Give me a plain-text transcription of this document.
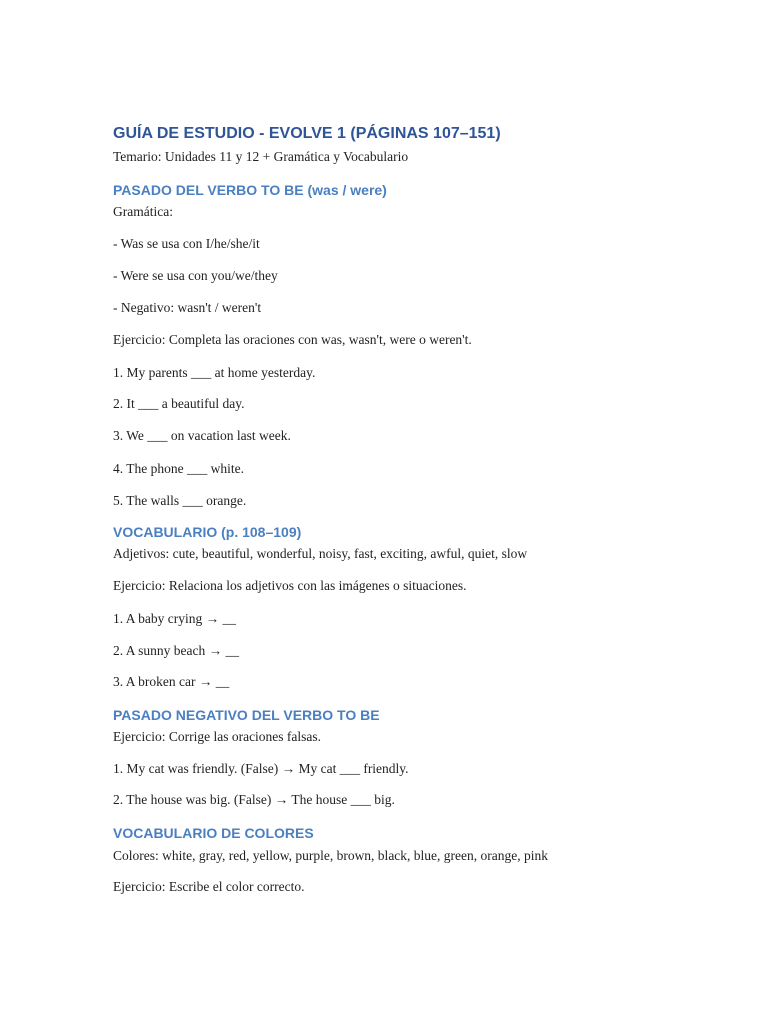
GUÍA DE ESTUDIO - EVOLVE 1 (PÁGINAS 107–151)

Temario: Unidades 11 y 12 + Gramática y Vocabulario

PASADO DEL VERBO TO BE (was / were)

Gramática:

- Was se usa con I/he/she/it

- Were se usa con you/we/they

- Negativo: wasn't / weren't

Ejercicio: Completa las oraciones con was, wasn't, were o weren't.

1. My parents ___ at home yesterday.

2. It ___ a beautiful day.

3. We ___ on vacation last week.

4. The phone ___ white.

5. The walls ___ orange.

VOCABULARIO (p. 108–109)

Adjetivos: cute, beautiful, wonderful, noisy, fast, exciting, awful, quiet, slow

Ejercicio: Relaciona los adjetivos con las imágenes o situaciones.

1. A baby crying → __

2. A sunny beach → __

3. A broken car → __

PASADO NEGATIVO DEL VERBO TO BE

Ejercicio: Corrige las oraciones falsas.

1. My cat was friendly. (False) → My cat ___ friendly.

2. The house was big. (False) → The house ___ big.

VOCABULARIO DE COLORES

Colores: white, gray, red, yellow, purple, brown, black, blue, green, orange, pink

Ejercicio: Escribe el color correcto.
